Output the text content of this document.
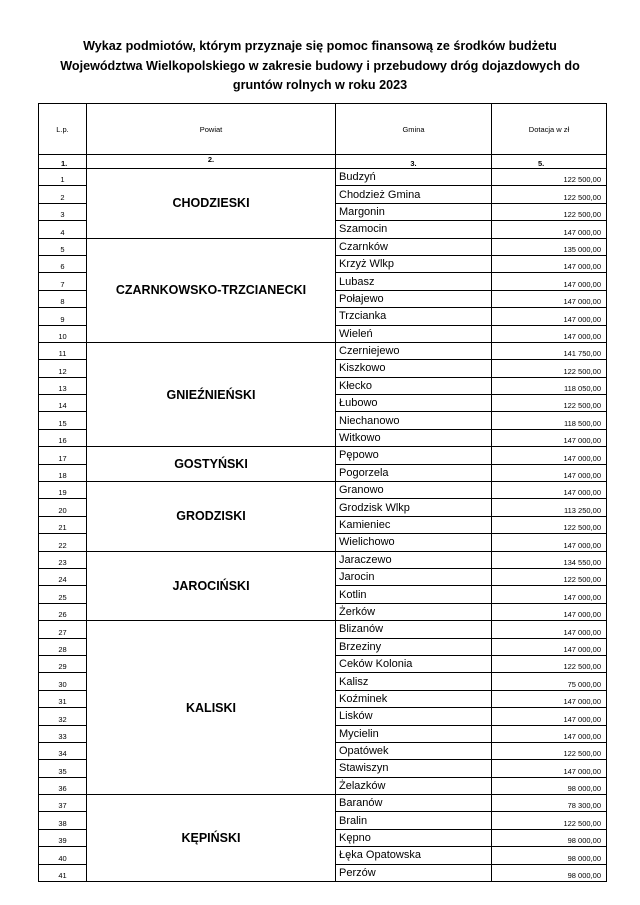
Wykaz podmiotów, którym przyznaje się pomoc finansową ze środków budżetu
Województwa Wielkopolskiego w zakresie budowy i przebudowy dróg dojazdowych do
gruntów rolnych w roku 2023
L.p.	Powiat	Gmina	Dotacja w zł
1.	2.	3.	5.
1	CHODZIESKI	Budzyń	122 500,00
2		Chodzież Gmina	122 500,00
3		Margonin	122 500,00
4		Szamocin	147 000,00
5	CZARNKOWSKO-TRZCIANECKI	Czarnków	135 000,00
6		Krzyż Wlkp	147 000,00
7		Lubasz	147 000,00
8		Połajewo	147 000,00
9		Trzcianka	147 000,00
10		Wieleń	147 000,00
11	GNIEŹNIEŃSKI	Czerniejewo	141 750,00
12		Kiszkowo	122 500,00
13		Kłecko	118 050,00
14		Łubowo	122 500,00
15		Niechanowo	118 500,00
16		Witkowo	147 000,00
17	GOSTYŃSKI	Pępowo	147 000,00
18		Pogorzela	147 000,00
19	GRODZISKI	Granowo	147 000,00
20		Grodzisk Wlkp	113 250,00
21		Kamieniec	122 500,00
22		Wielichowo	147 000,00
23	JAROCIŃSKI	Jaraczewo	134 550,00
24		Jarocin	122 500,00
25		Kotlin	147 000,00
26		Żerków	147 000,00
27	KALISKI	Blizanów	147 000,00
28		Brzeziny	147 000,00
29		Ceków Kolonia	122 500,00
30		Kalisz	75 000,00
31		Koźminek	147 000,00
32		Lisków	147 000,00
33		Mycielin	147 000,00
34		Opatówek	122 500,00
35		Stawiszyn	147 000,00
36		Żelazków	98 000,00
37	KĘPIŃSKI	Baranów	78 300,00
38		Bralin	122 500,00
39		Kępno	98 000,00
40		Łęka Opatowska	98 000,00
41		Perzów	98 000,00
